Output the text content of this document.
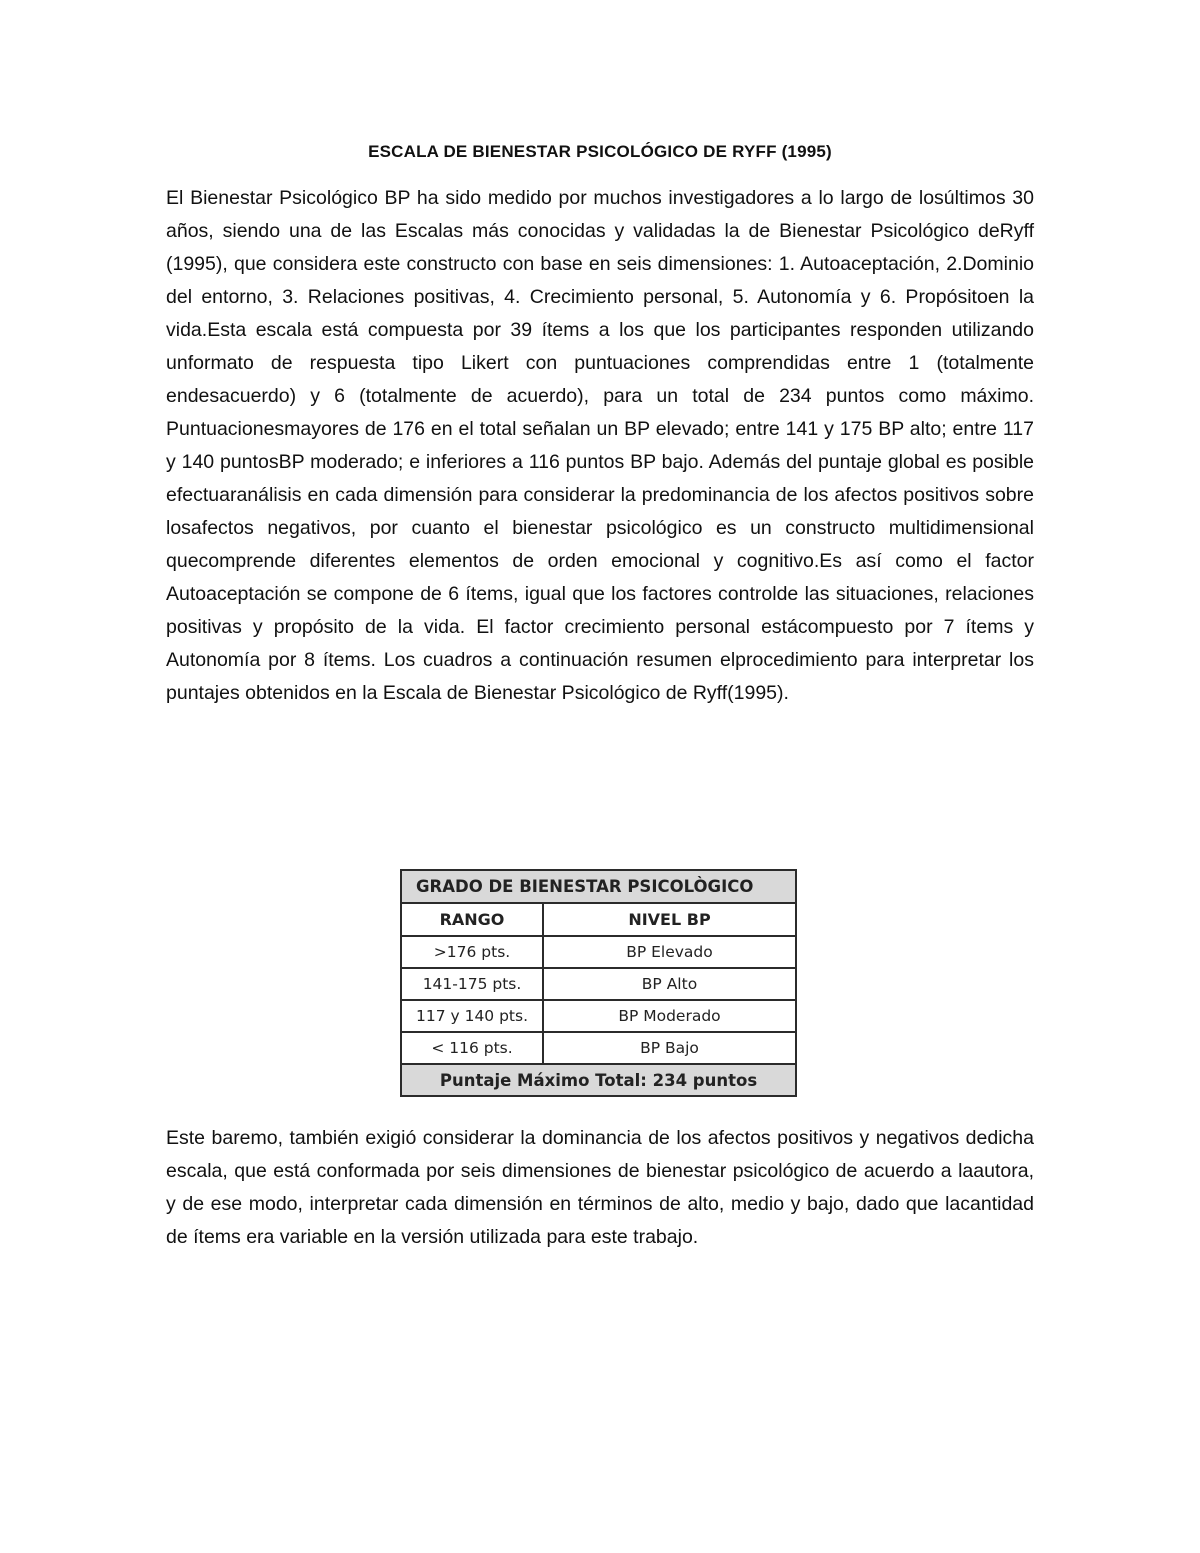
ESCALA DE BIENESTAR PSICOLÓGICO DE RYFF (1995)

El Bienestar Psicológico BP ha sido medido por muchos investigadores a lo largo de losúltimos 30 años, siendo una de las Escalas más conocidas y validadas la de Bienestar Psicológico deRyff (1995), que considera este constructo con base en seis dimensiones: 1. Autoaceptación, 2.Dominio del entorno, 3. Relaciones positivas, 4. Crecimiento personal, 5. Autonomía y 6. Propósitoen la vida.Esta escala está compuesta por 39 ítems a los que los participantes responden utilizando unformato de respuesta tipo Likert con puntuaciones comprendidas entre 1 (totalmente endesacuerdo) y 6 (totalmente de acuerdo), para un total de 234 puntos como máximo. Puntuacionesmayores de 176 en el total señalan un BP elevado; entre 141 y 175 BP alto; entre 117 y 140 puntosBP moderado; e inferiores a 116 puntos BP bajo. Además del puntaje global es posible efectuaranálisis en cada dimensión para considerar la predominancia de los afectos positivos sobre losafectos negativos, por cuanto el bienestar psicológico es un constructo multidimensional quecomprende diferentes elementos de orden emocional y cognitivo.Es así como el factor Autoaceptación se compone de 6 ítems, igual que los factores controlde las situaciones, relaciones positivas y propósito de la vida. El factor crecimiento personal estácompuesto por 7 ítems y Autonomía por 8 ítems. Los cuadros a continuación resumen elprocedimiento para interpretar los puntajes obtenidos en la Escala de Bienestar Psicológico de Ryff(1995).

GRADO DE BIENESTAR PSICOLÒGICO	
RANGO	NIVEL BP
>176 pts.	BP Elevado
141-175 pts.	BP Alto
117 y 140 pts.	BP Moderado
< 116 pts.	BP Bajo
Puntaje Máximo Total: 234 puntos	

Este baremo, también exigió considerar la dominancia de los afectos positivos y negativos dedicha escala, que está conformada por seis dimensiones de bienestar psicológico de acuerdo a laautora, y de ese modo, interpretar cada dimensión en términos de alto, medio y bajo, dado que lacantidad de ítems era variable en la versión utilizada para este trabajo.
